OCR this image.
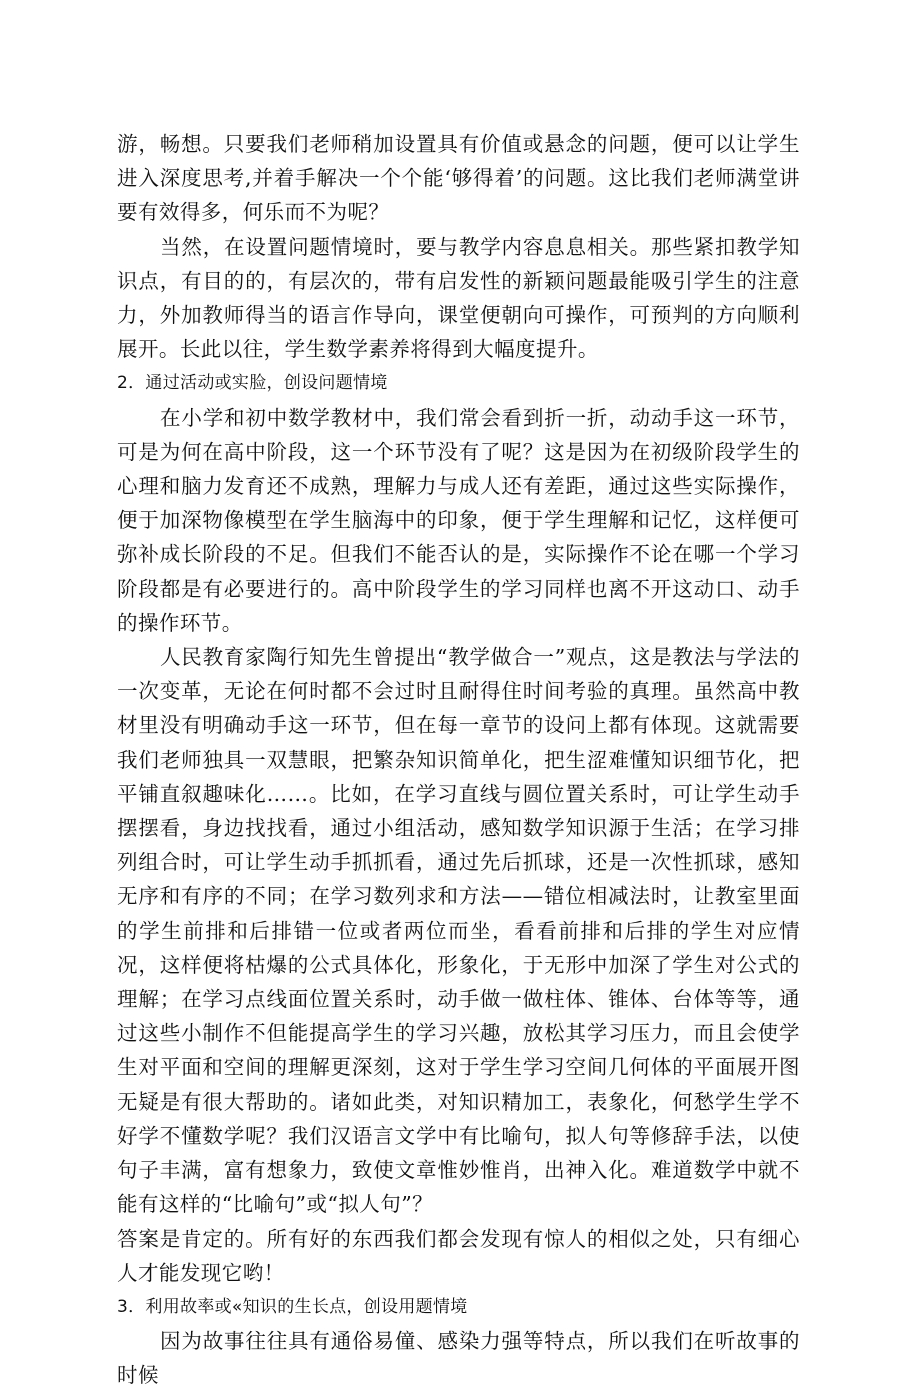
游，畅想。只要我们老师稍加设置具有价值或悬念的问题，便可以让学生进入深度思考,并着手解决一个个能‘够得着’的问题。这比我们老师满堂讲要有效得多，何乐而不为呢？

当然，在设置问题情境时，要与教学内容息息相关。那些紧扣教学知识点，有目的的，有层次的，带有启发性的新颖问题最能吸引学生的注意力，外加教师得当的语言作导向，课堂便朝向可操作，可预判的方向顺利展开。长此以往，学生数学素养将得到大幅度提升。

2．通过活动或实脸，创设问题情境

在小学和初中数学教材中，我们常会看到折一折，动动手这一环节，可是为何在高中阶段，这一个环节没有了呢？这是因为在初级阶段学生的心理和脑力发育还不成熟，理解力与成人还有差距，通过这些实际操作，便于加深物像模型在学生脑海中的印象，便于学生理解和记忆，这样便可弥补成长阶段的不足。但我们不能否认的是，实际操作不论在哪一个学习阶段都是有必要进行的。高中阶段学生的学习同样也离不开这动口、动手的操作环节。

人民教育家陶行知先生曾提出“教学做合一”观点，这是教法与学法的一次变革，无论在何时都不会过时且耐得住时间考验的真理。虽然高中教材里没有明确动手这一环节，但在每一章节的设问上都有体现。这就需要我们老师独具一双慧眼，把繁杂知识简单化，把生涩难懂知识细节化，把平铺直叙趣味化……。比如，在学习直线与圆位置关系时，可让学生动手摆摆看，身边找找看，通过小组活动，感知数学知识源于生活；在学习排列组合时，可让学生动手抓抓看，通过先后抓球，还是一次性抓球，感知无序和有序的不同；在学习数列求和方法——错位相减法时，让教室里面的学生前排和后排错一位或者两位而坐，看看前排和后排的学生对应情况，这样便将枯爆的公式具体化，形象化，于无形中加深了学生对公式的理解；在学习点线面位置关系时，动手做一做柱体、锥体、台体等等，通过这些小制作不但能提高学生的学习兴趣，放松其学习压力，而且会使学生对平面和空间的理解更深刻，这对于学生学习空间几何体的平面展开图无疑是有很大帮助的。诸如此类，对知识精加工，表象化，何愁学生学不好学不懂数学呢？我们汉语言文学中有比喻句，拟人句等修辞手法，以使句子丰满，富有想象力，致使文章惟妙惟肖，出神入化。难道数学中就不能有这样的“比喻句”或“拟人句”？

答案是肯定的。所有好的东西我们都会发现有惊人的相似之处，只有细心人才能发现它哟！

3．利用故率或«知识的生长点，创设用题情境

因为故事往往具有通俗易僮、感染力强等特点，所以我们在听故事的时候
